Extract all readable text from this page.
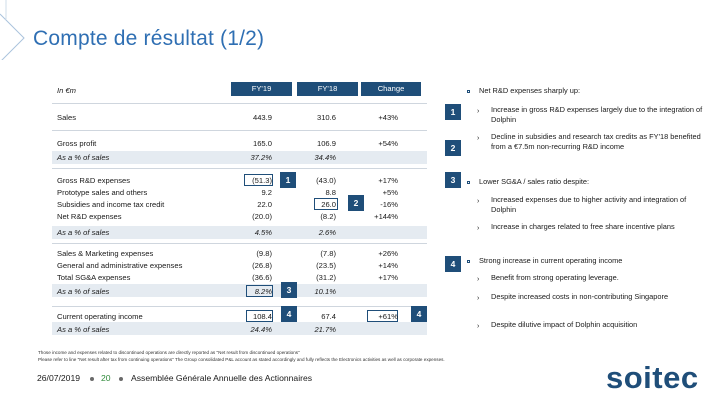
Compte de résultat (1/2)
In €m	FY'19	FY'18	Change
Sales	443.9	310.6	+43%
Gross profit	165.0	106.9	+54%
As a % of sales	37.2%	34.4%
Gross R&D expenses	(51.3)	(43.0)	+17%
Prototype sales and others	9.2	8.8	+5%
Subsidies and income tax credit	22.0	26.0	-16%
Net R&D expenses	(20.0)	(8.2)	+144%
As a % of sales	4.5%	2.6%
Sales & Marketing expenses	(9.8)	(7.8)	+26%
General and administrative expenses	(26.8)	(23.5)	+14%
Total SG&A expenses	(36.6)	(31.2)	+17%
As a % of sales	8.2%	10.1%
Current operating income	108.4	67.4	+61%
As a % of sales	24.4%	21.7%
1
2
3
4	4
1
2
3
4
Net R&D expenses sharply up:
› Increase in gross R&D expenses largely due to the integration of Dolphin
› Decline in subsidies and research tax credits as FY'18 benefited from a €7.5m non-recurring R&D income
Lower SG&A / sales ratio despite:
› Increased expenses due to higher activity and integration of Dolphin
› Increase in charges related to free share incentive plans
Strong increase in current operating income
› Benefit from strong operating leverage.
› Despite increased costs in non-contributing Singapore
› Despite dilutive impact of Dolphin acquisition
Those income and expenses related to discontinued operations are directly reported as "Net result from discontinued operations"
Please refer to line "Net result after tax from continuing operations" The Group consolidated P&L account as stated accordingly and fully reflects the Electronics activities as well as corporate expenses.
26/07/2019 20 Assemblée Générale Annuelle des Actionnaires	soitec
